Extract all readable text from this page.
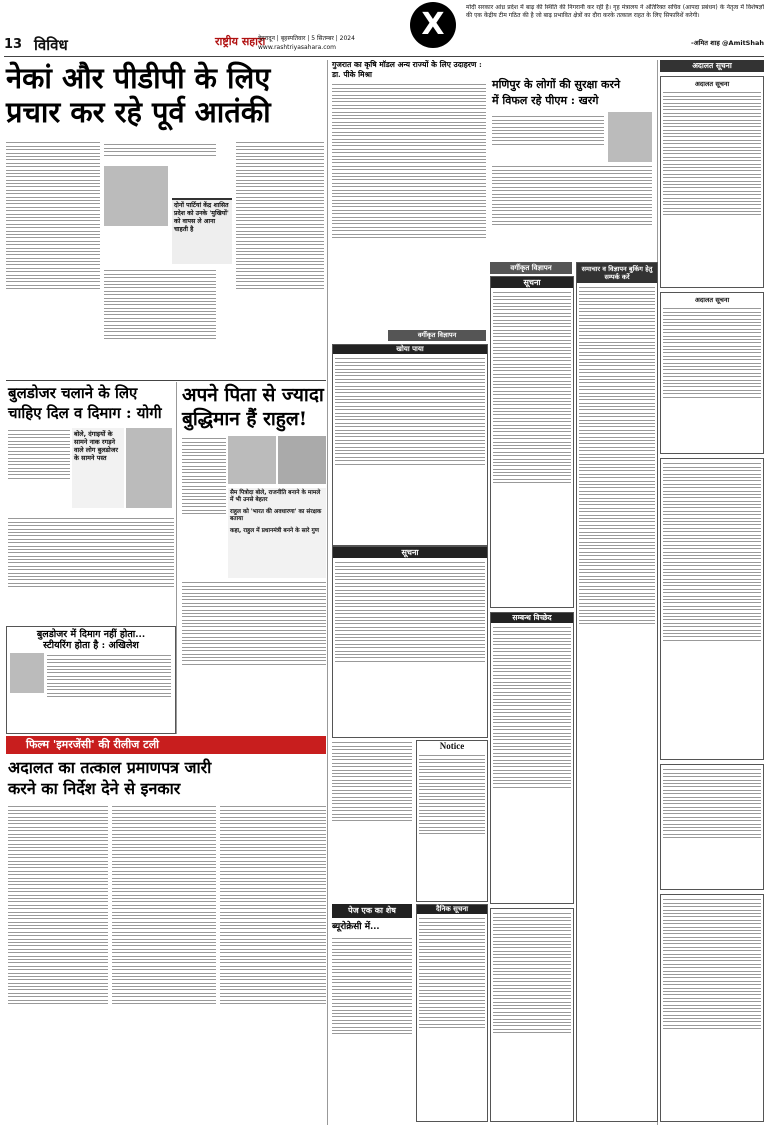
13 विविध	राष्ट्रीय सहारा
देहरादून | बृहस्पतिवार | 5 सितम्बर | 2024
www.rashtriyasahara.com
X	मोदी सरकार आंध्र प्रदेश में बाढ़ की स्थिति की निगरानी कर रही है। गृह मंत्रालय ने अंतिरिक्त सचिव (आपदा प्रबंधन) के नेतृत्व में विशेषज्ञों की एक केंद्रीय टीम गठित की है जो बाढ़ प्रभावित क्षेत्रों का दौरा करके तत्काल राहत के लिए सिफारिशें करेगी।
-अमित शाह @AmitShah
नेकां और पीडीपी के लिए
प्रचार कर रहे पूर्व आतंकी
दोनों पार्टियां केंद्र शासित प्रदेश को उनके 'मुखियों' को वापस ले आना चाहती है
गुजरात का कृषि मॉडल अन्य राज्यों के लिए उदाहरण : डा. पीके मिश्रा
मणिपुर के लोगों की सुरक्षा करने
में विफल रहे पीएम : खरगे
अदालत सूचना
अदालत सूचना
अदालत सूचना
वर्गीकृत विज्ञापन
सूचना
सम्बन्ध विच्छेद
समाचार व विज्ञापन बुकिंग हेतु सम्पर्क करें
वर्गीकृत विज्ञापन
खोया पाया
सूचना
Notice
दैनिक सूचना
बुलडोजर चलाने के लिए
चाहिए दिल व दिमाग : योगी
बोले, दंगाइयों के सामने नाक रगड़ने वाले लोग बुलडोजर के सामने पस्त
बुलडोजर में दिमाग नहीं होता...
स्टीयरिंग होता है : अखिलेश
अपने पिता से ज्यादा
बुद्धिमान हैं राहुल!
सैम पित्रोदा बोले, राजनीति बनाने के मामले में भी उनसे बेहतर
राहुल को 'भारत की अवधारणा' का संरक्षक बताया
कहा, राहुल में प्रधानमंत्री बनने के सारे गुण
फिल्म 'इमरजेंसी' की रीलीज टली
अदालत का तत्काल प्रमाणपत्र जारी
करने का निर्देश देने से इनकार
पेज एक का शेष
ब्यूरोक्रेसी में...
